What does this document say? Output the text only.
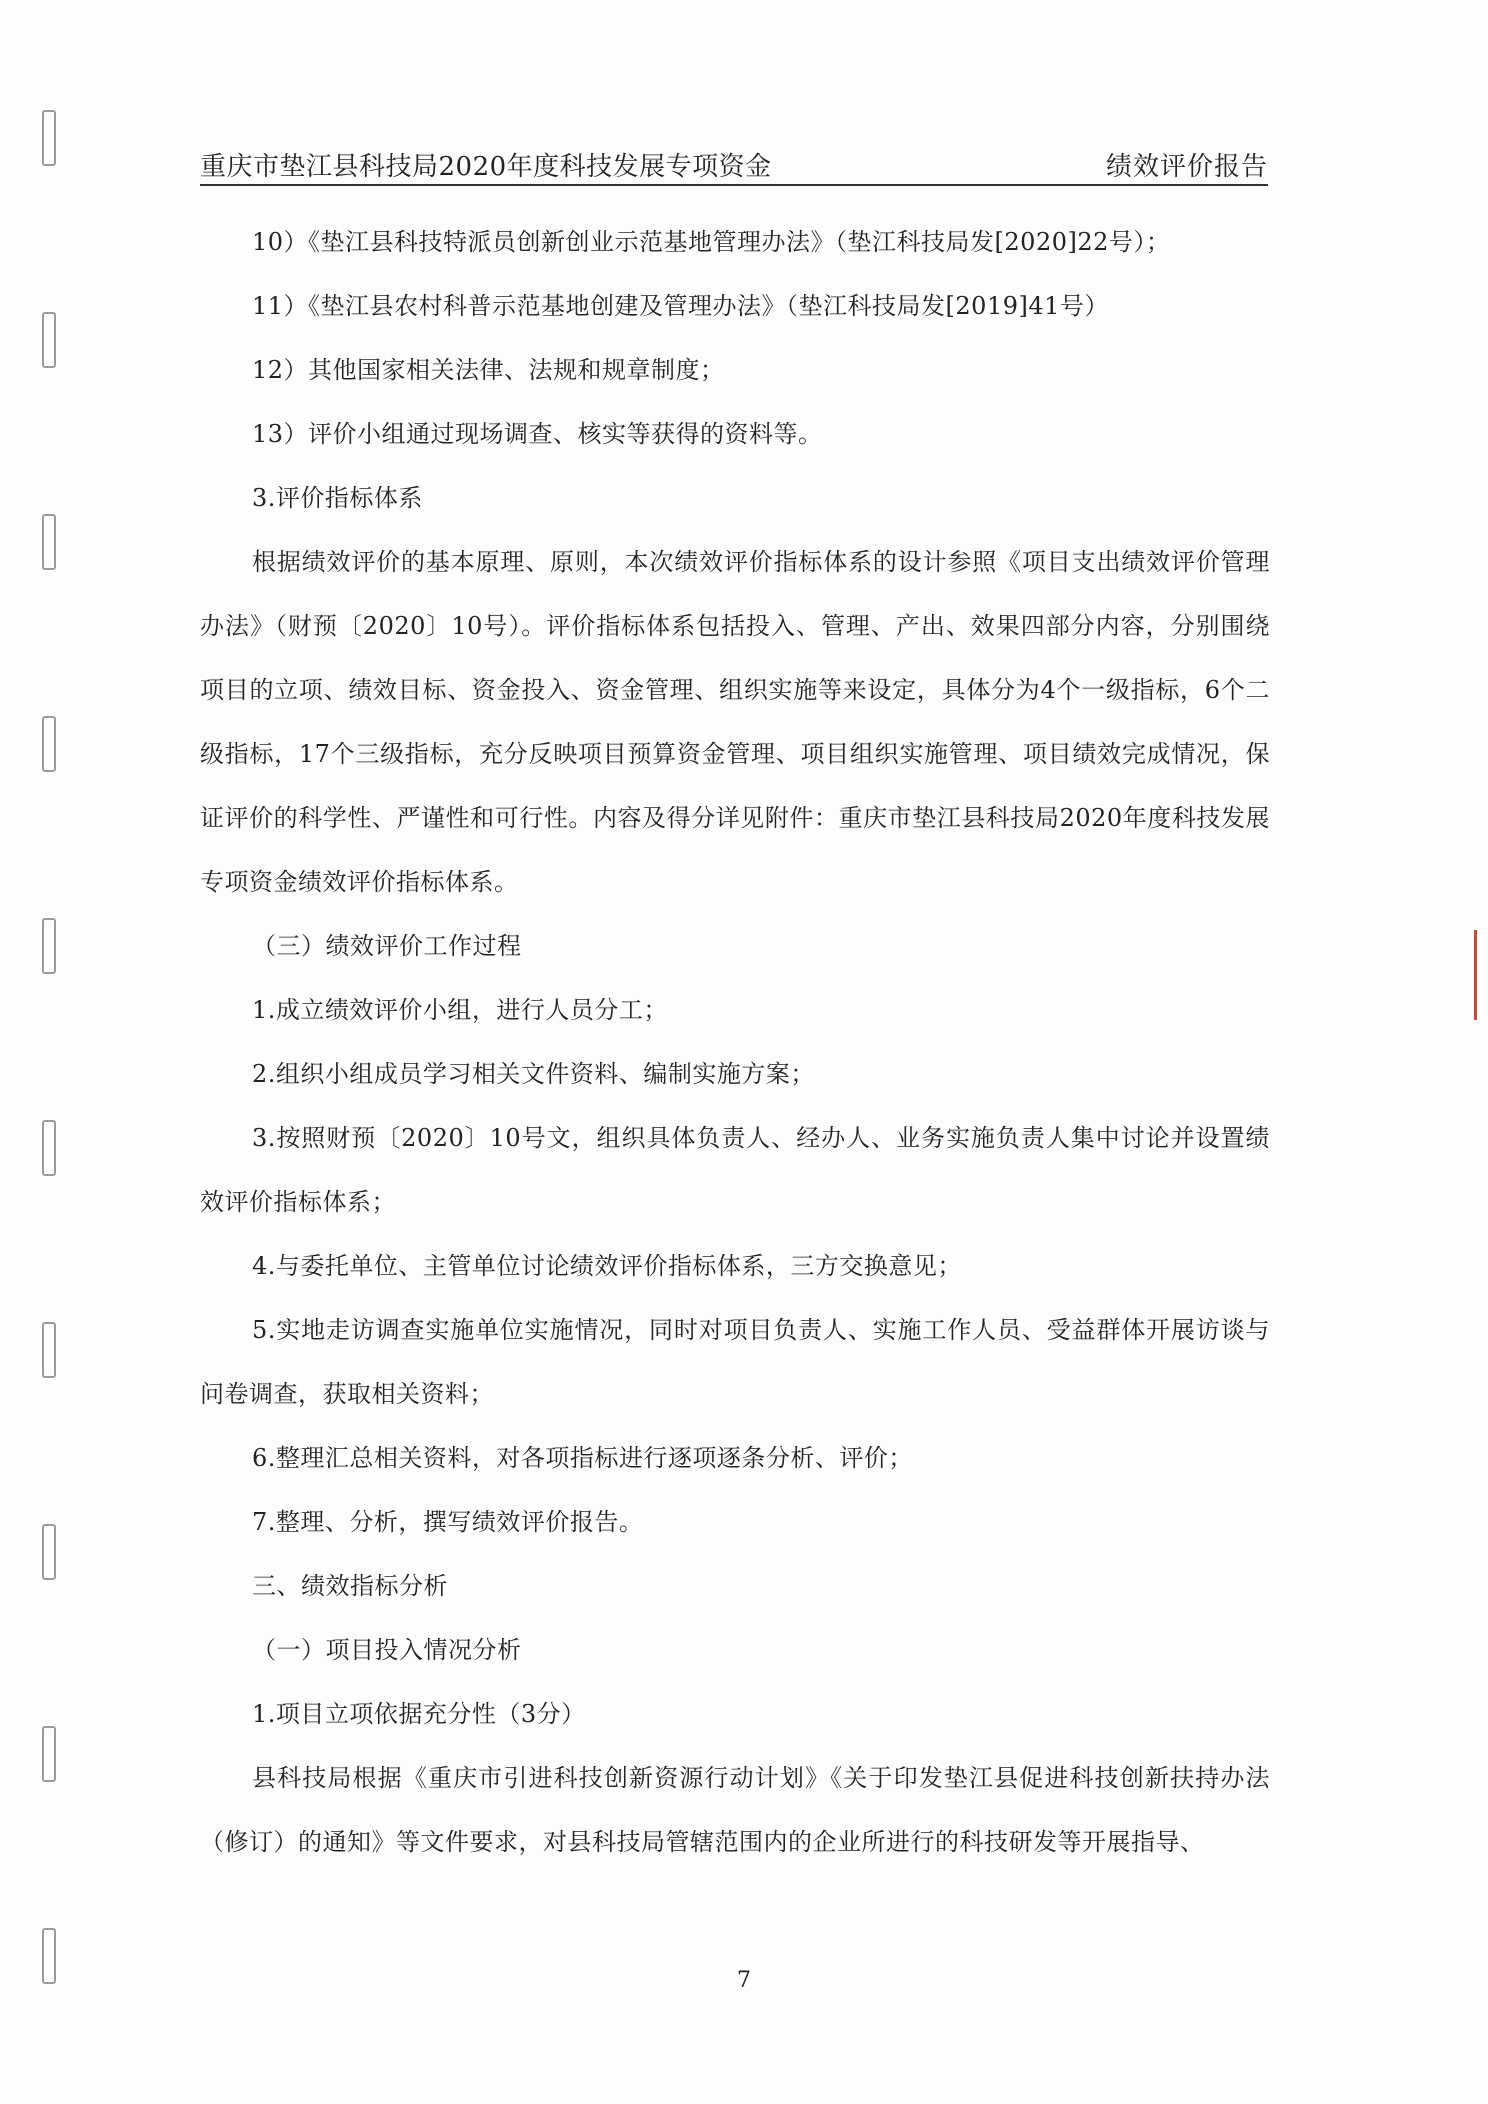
重庆市垫江县科技局2020年度科技发展专项资金	绩效评价报告

10）《垫江县科技特派员创新创业示范基地管理办法》（垫江科技局发[2020]22号）；

11）《垫江县农村科普示范基地创建及管理办法》（垫江科技局发[2019]41号）

12）其他国家相关法律、法规和规章制度；

13）评价小组通过现场调查、核实等获得的资料等。

3.评价指标体系

根据绩效评价的基本原理、原则，本次绩效评价指标体系的设计参照《项目支出绩效评价管理办法》（财预〔2020〕10号）。评价指标体系包括投入、管理、产出、效果四部分内容，分别围绕项目的立项、绩效目标、资金投入、资金管理、组织实施等来设定，具体分为4个一级指标，6个二级指标，17个三级指标，充分反映项目预算资金管理、项目组织实施管理、项目绩效完成情况，保证评价的科学性、严谨性和可行性。内容及得分详见附件：重庆市垫江县科技局2020年度科技发展专项资金绩效评价指标体系。

（三）绩效评价工作过程

1.成立绩效评价小组，进行人员分工；

2.组织小组成员学习相关文件资料、编制实施方案；

3.按照财预〔2020〕10号文，组织具体负责人、经办人、业务实施负责人集中讨论并设置绩效评价指标体系；

4.与委托单位、主管单位讨论绩效评价指标体系，三方交换意见；

5.实地走访调查实施单位实施情况，同时对项目负责人、实施工作人员、受益群体开展访谈与问卷调查，获取相关资料；

6.整理汇总相关资料，对各项指标进行逐项逐条分析、评价；

7.整理、分析，撰写绩效评价报告。

三、绩效指标分析

（一）项目投入情况分析

1.项目立项依据充分性（3分）

县科技局根据《重庆市引进科技创新资源行动计划》《关于印发垫江县促进科技创新扶持办法（修订）的通知》等文件要求，对县科技局管辖范围内的企业所进行的科技研发等开展指导、

7
